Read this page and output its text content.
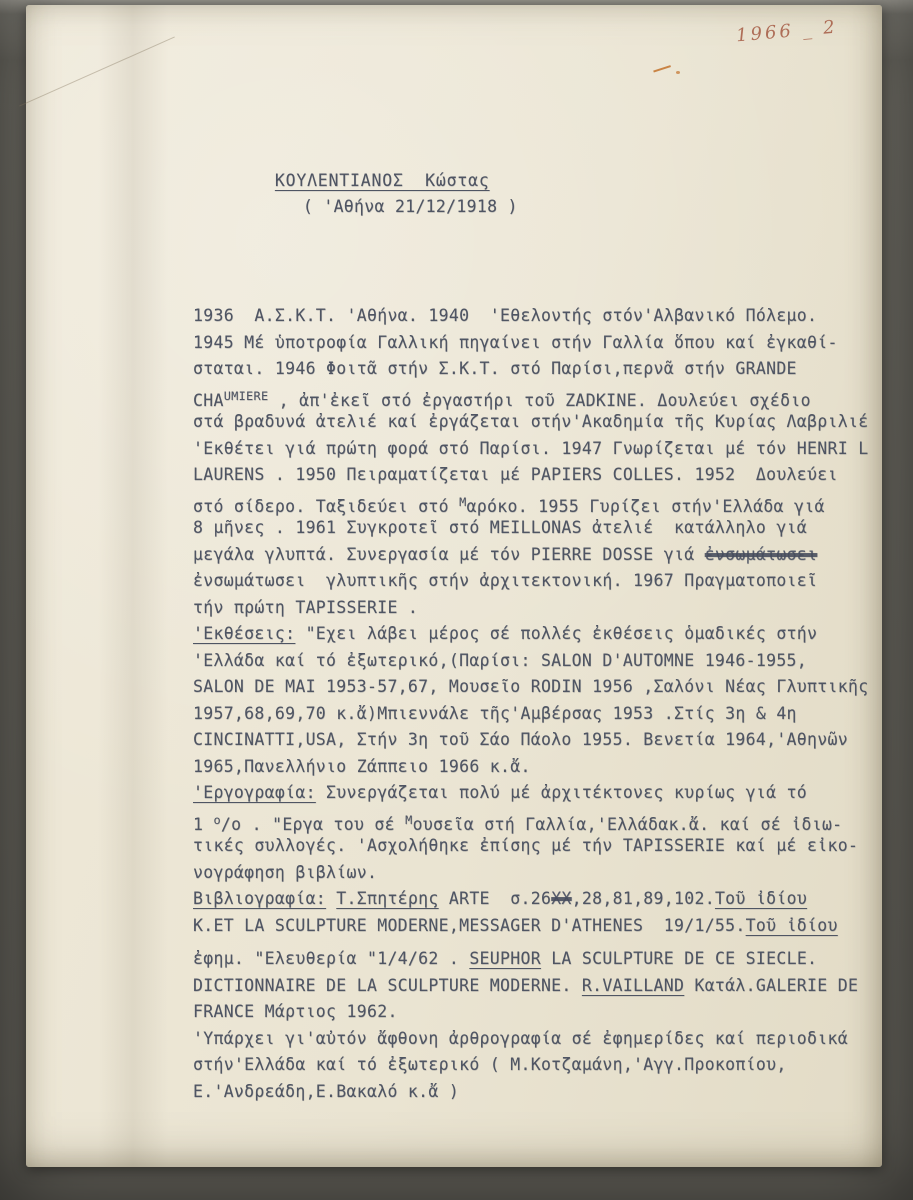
1966 _ 2

ΚΟΥΛΕΝΤΙΑΝΟΣ  Κώστας
( 'Αθήνα 21/12/1918 )

1936  Α.Σ.Κ.Τ. 'Αθήνα. 1940  'Εθελοντής στόν'Αλβανικό Πόλεμο.
1945 Μέ ὑποτροφία Γαλλική πηγαίνει στήν Γαλλία ὅπου καί ἐγκαθί-
σταται. 1946 Φοιτᾶ στήν Σ.Κ.Τ. στό Παρίσι,περνᾶ στήν GRANDE
$CHA^{UMIERE}$ , ἀπ'ἐκεῖ στό ἐργαστήρι τοῦ ZADKINE. Δουλεύει σχέδιο
στά βραδυνά ἀτελιέ καί ἐργάζεται στήν'Ακαδημία τῆς Κυρίας Λαβριλιέ
'Εκθέτει γιά πρώτη φορά στό Παρίσι. 1947 Γνωρίζεται μέ τόν HENRI L
LAURENS . 1950 Πειραματίζεται μέ PAPIERS COLLES. 1952  Δουλεύει
στό σίδερο. Ταξιδεύει στό $^M$αρόκο. 1955 Γυρίζει στήν'Ελλάδα γιά
8 μῆνες . 1961 Συγκροτεῖ στό MEILLONAS ἀτελιέ  κατάλληλο γιά
μεγάλα γλυπτά. Συνεργασία μέ τόν PIERRE DOSSE γιά ἐνσωμάτωσει
ἐνσωμάτωσει  γλυπτικῆς στήν ἀρχιτεκτονική. 1967 Πραγματοποιεῖ
τήν πρώτη TAPISSERIE .
'Εκθέσεις: "Εχει λάβει μέρος σέ πολλές ἐκθέσεις ὁμαδικές στήν
'Ελλάδα καί τό ἐξωτερικό,(Παρίσι: SALON D'AUTOMNE 1946-1955,
SALON DE MAI 1953-57,67, Μουσεῖο RODIN 1956 ,Σαλόνι Νέας Γλυπτικῆς
1957,68,69,70 κ.ἄ)Μπιεννάλε τῆς'Αμβέρσας 1953 .Στίς 3η & 4η
CINCINATTI,USA, Στήν 3η τοῦ Σάο Πάολο 1955. Βενετία 1964,'Αθηνῶν
1965,Πανελλήνιο Ζάππειο 1966 κ.ἄ.
'Εργογραφία: Συνεργάζεται πολύ μέ ἀρχιτέκτονες κυρίως γιά τό
1 $^o$/ο . "Εργα του σέ $^M$ουσεῖα στή Γαλλία,'Ελλάδακ.ἄ. καί σέ ἰδιω-
τικές συλλογές. 'Ασχολήθηκε ἐπίσης μέ τήν TAPISSERIE καί μέ εἰκο-
νογράφηση βιβλίων.
Βιβλιογραφία: Τ.Σπητέρης ARTE  σ.26ΧΧ,28,81,89,102.Τοῦ ἰδίου
K.ET LA SCULPTURE MODERNE,MESSAGER D'ATHENES  19/1/55.Τοῦ ἰδίου
ἐφημ. "Ελευθερία "1/4/62 . SEUPHOR LA SCULPTURE DE CE SIECLE.
DICTIONNAIRE DE LA SCULPTURE MODERNE. R.VAILLAND Κατάλ.GALERIE DE
FRANCE Μάρτιος 1962.
'Υπάρχει γι'αὐτόν ἄφθονη ἀρθρογραφία σέ ἐφημερίδες καί περιοδικά
στήν'Ελλάδα καί τό ἐξωτερικό ( Μ.Κοτζαμάνη,'Αγγ.Προκοπίου,
Ε.'Ανδρεάδη,Ε.Βακαλό κ.ἄ )
